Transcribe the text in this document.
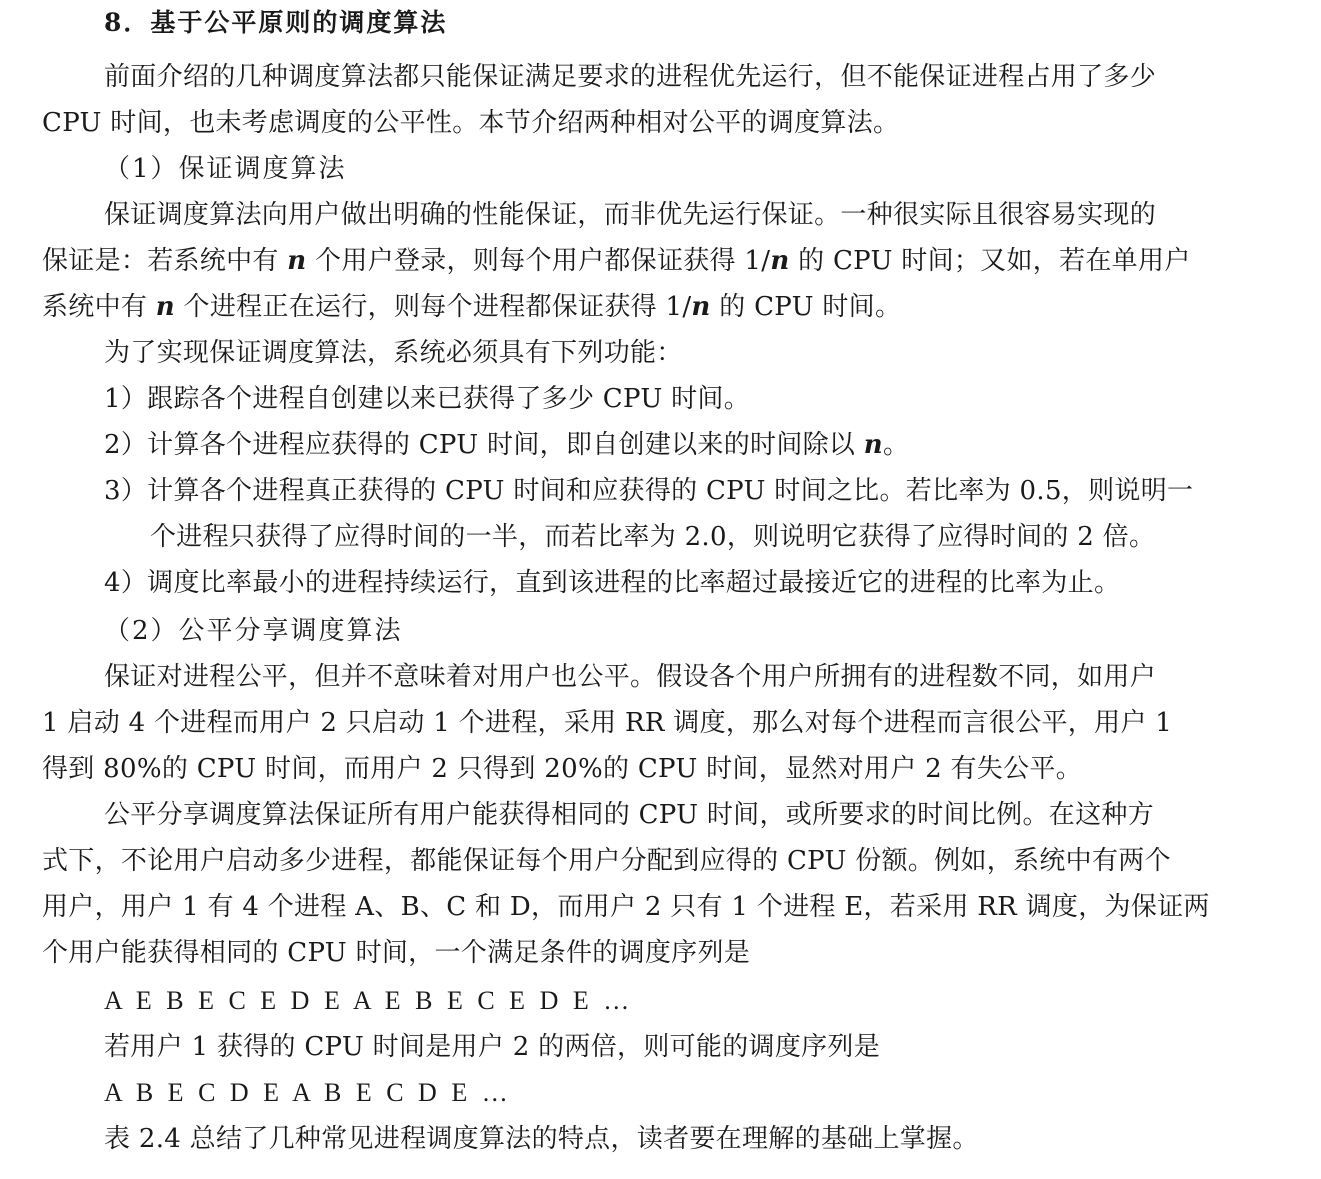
8．基于公平原则的调度算法
前面介绍的几种调度算法都只能保证满足要求的进程优先运行，但不能保证进程占用了多少
CPU 时间，也未考虑调度的公平性。本节介绍两种相对公平的调度算法。
（1）保证调度算法
保证调度算法向用户做出明确的性能保证，而非优先运行保证。一种很实际且很容易实现的
保证是：若系统中有 n 个用户登录，则每个用户都保证获得 1/n 的 CPU 时间；又如，若在单用户
系统中有 n 个进程正在运行，则每个进程都保证获得 1/n 的 CPU 时间。
为了实现保证调度算法，系统必须具有下列功能：
1）跟踪各个进程自创建以来已获得了多少 CPU 时间。
2）计算各个进程应获得的 CPU 时间，即自创建以来的时间除以 n。
3）计算各个进程真正获得的 CPU 时间和应获得的 CPU 时间之比。若比率为 0.5，则说明一
个进程只获得了应得时间的一半，而若比率为 2.0，则说明它获得了应得时间的 2 倍。
4）调度比率最小的进程持续运行，直到该进程的比率超过最接近它的进程的比率为止。
（2）公平分享调度算法
保证对进程公平，但并不意味着对用户也公平。假设各个用户所拥有的进程数不同，如用户
1 启动 4 个进程而用户 2 只启动 1 个进程，采用 RR 调度，那么对每个进程而言很公平，用户 1
得到 80%的 CPU 时间，而用户 2 只得到 20%的 CPU 时间，显然对用户 2 有失公平。
公平分享调度算法保证所有用户能获得相同的 CPU 时间，或所要求的时间比例。在这种方
式下，不论用户启动多少进程，都能保证每个用户分配到应得的 CPU 份额。例如，系统中有两个
用户，用户 1 有 4 个进程 A、B、C 和 D，而用户 2 只有 1 个进程 E，若采用 RR 调度，为保证两
个用户能获得相同的 CPU 时间，一个满足条件的调度序列是
A E B E C E D E A E B E C E D E …
若用户 1 获得的 CPU 时间是用户 2 的两倍，则可能的调度序列是
A B E C D E A B E C D E …
表 2.4 总结了几种常见进程调度算法的特点，读者要在理解的基础上掌握。
